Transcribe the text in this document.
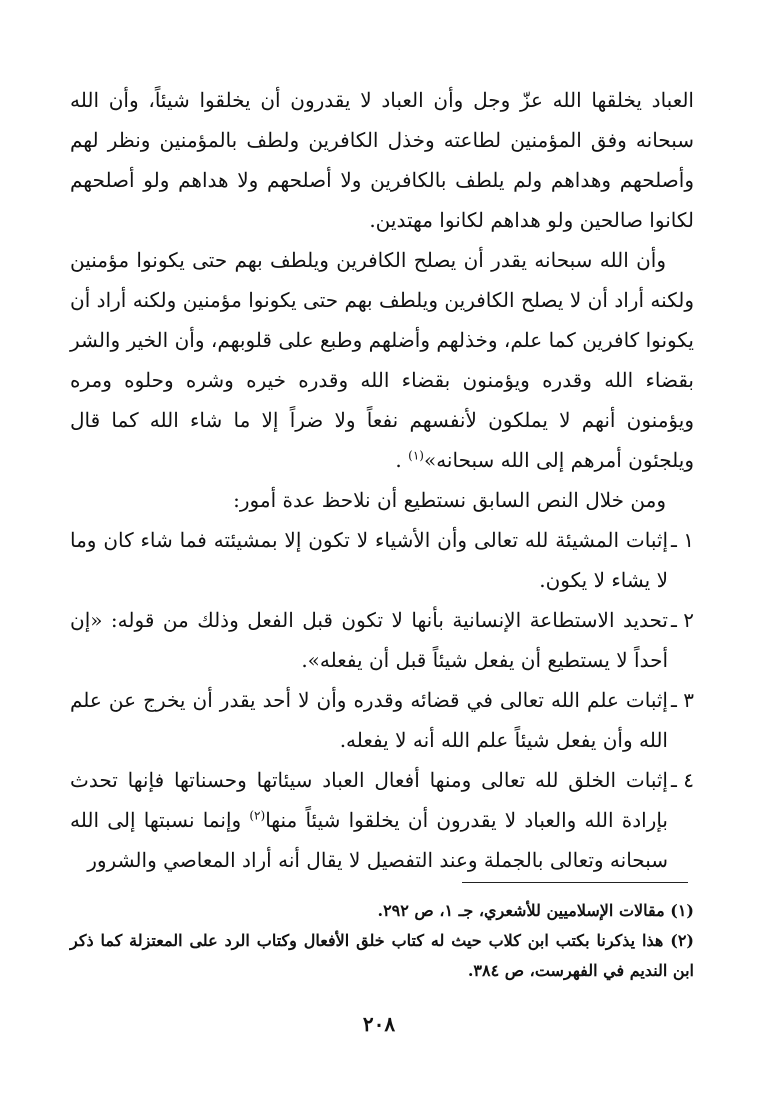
العباد يخلقها الله عزّ وجل وأن العباد لا يقدرون أن يخلقوا شيئاً، وأن الله سبحانه وفق المؤمنين لطاعته وخذل الكافرين ولطف بالمؤمنين ونظر لهم وأصلحهم وهداهم ولم يلطف بالكافرين ولا أصلحهم ولا هداهم ولو أصلحهم لكانوا صالحين ولو هداهم لكانوا مهتدين.

وأن الله سبحانه يقدر أن يصلح الكافرين ويلطف بهم حتى يكونوا مؤمنين ولكنه أراد أن لا يصلح الكافرين ويلطف بهم حتى يكونوا مؤمنين ولكنه أراد أن يكونوا كافرين كما علم، وخذلهم وأضلهم وطبع على قلوبهم، وأن الخير والشر بقضاء الله وقدره ويؤمنون بقضاء الله وقدره خيره وشره وحلوه ومره ويؤمنون أنهم لا يملكون لأنفسهم نفعاً ولا ضراً إلا ما شاء الله كما قال ويلجئون أمرهم إلى الله سبحانه»$^{(١)}$ .

ومن خلال النص السابق نستطيع أن نلاحظ عدة أمور:

١ ـ
إثبات المشيئة لله تعالى وأن الأشياء لا تكون إلا بمشيئته فما شاء كان وما لا يشاء لا يكون.

٢ ـ
تحديد الاستطاعة الإنسانية بأنها لا تكون قبل الفعل وذلك من قوله: «إن أحداً لا يستطيع أن يفعل شيئاً قبل أن يفعله».

٣ ـ
إثبات علم الله تعالى في قضائه وقدره وأن لا أحد يقدر أن يخرج عن علم الله وأن يفعل شيئاً علم الله أنه لا يفعله.

٤ ـ
إثبات الخلق لله تعالى ومنها أفعال العباد سيئاتها وحسناتها فإنها تحدث بإرادة الله والعباد لا يقدرون أن يخلقوا شيئاً منها$^{(٢)}$ وإنما نسبتها إلى الله سبحانه وتعالى بالجملة وعند التفصيل لا يقال أنه أراد المعاصي والشرور

(١) مقالات الإسلاميين للأشعري، جـ ١، ص ٢٩٢.

(٢) هذا يذكرنا بكتب ابن كلاب حيث له كتاب خلق الأفعال وكتاب الرد على المعتزلة كما ذكر ابن النديم في الفهرست، ص ٣٨٤.

٢٠٨
